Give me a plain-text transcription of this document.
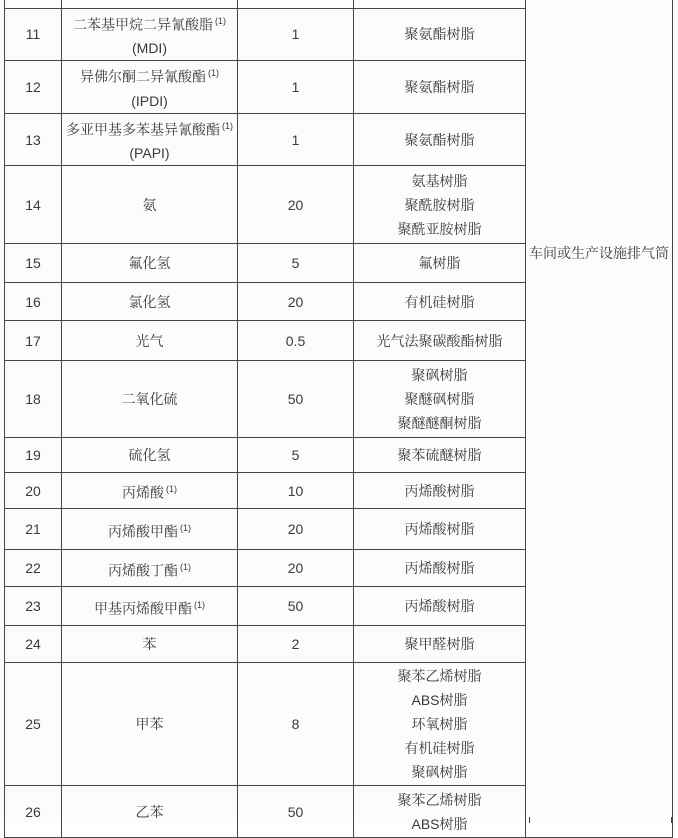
				车间或生产设施排气筒

11	二苯基甲烷二异氰酸脂 $^{(1)}$
(MDI)	1	聚氨酯树脂	

12	异佛尔酮二异氰酸酯 $^{(1)}$
(IPDI)	1	聚氨酯树脂	

13	多亚甲基多苯基异氰酸酯 $^{(1)}$
(PAPI)	1	聚氨酯树脂	

14	氨	20	氨基树脂
聚酰胺树脂
聚酰亚胺树脂	

15	氟化氢	5	氟树脂	

16	氯化氢	20	有机硅树脂	

17	光气	0.5	光气法聚碳酸酯树脂	

18	二氧化硫	50	聚砜树脂
聚醚砜树脂
聚醚醚酮树脂	

19	硫化氢	5	聚苯硫醚树脂	

20	丙烯酸 $^{(1)}$	10	丙烯酸树脂	

21	丙烯酸甲酯 $^{(1)}$	20	丙烯酸树脂	

22	丙烯酸丁酯 $^{(1)}$	20	丙烯酸树脂	

23	甲基丙烯酸甲酯 $^{(1)}$	50	丙烯酸树脂	

24	苯	2	聚甲醛树脂	

25	甲苯	8	聚苯乙烯树脂
ABS树脂
环氧树脂
有机硅树脂
聚砜树脂	

26	乙苯	50	聚苯乙烯树脂
ABS树脂	
